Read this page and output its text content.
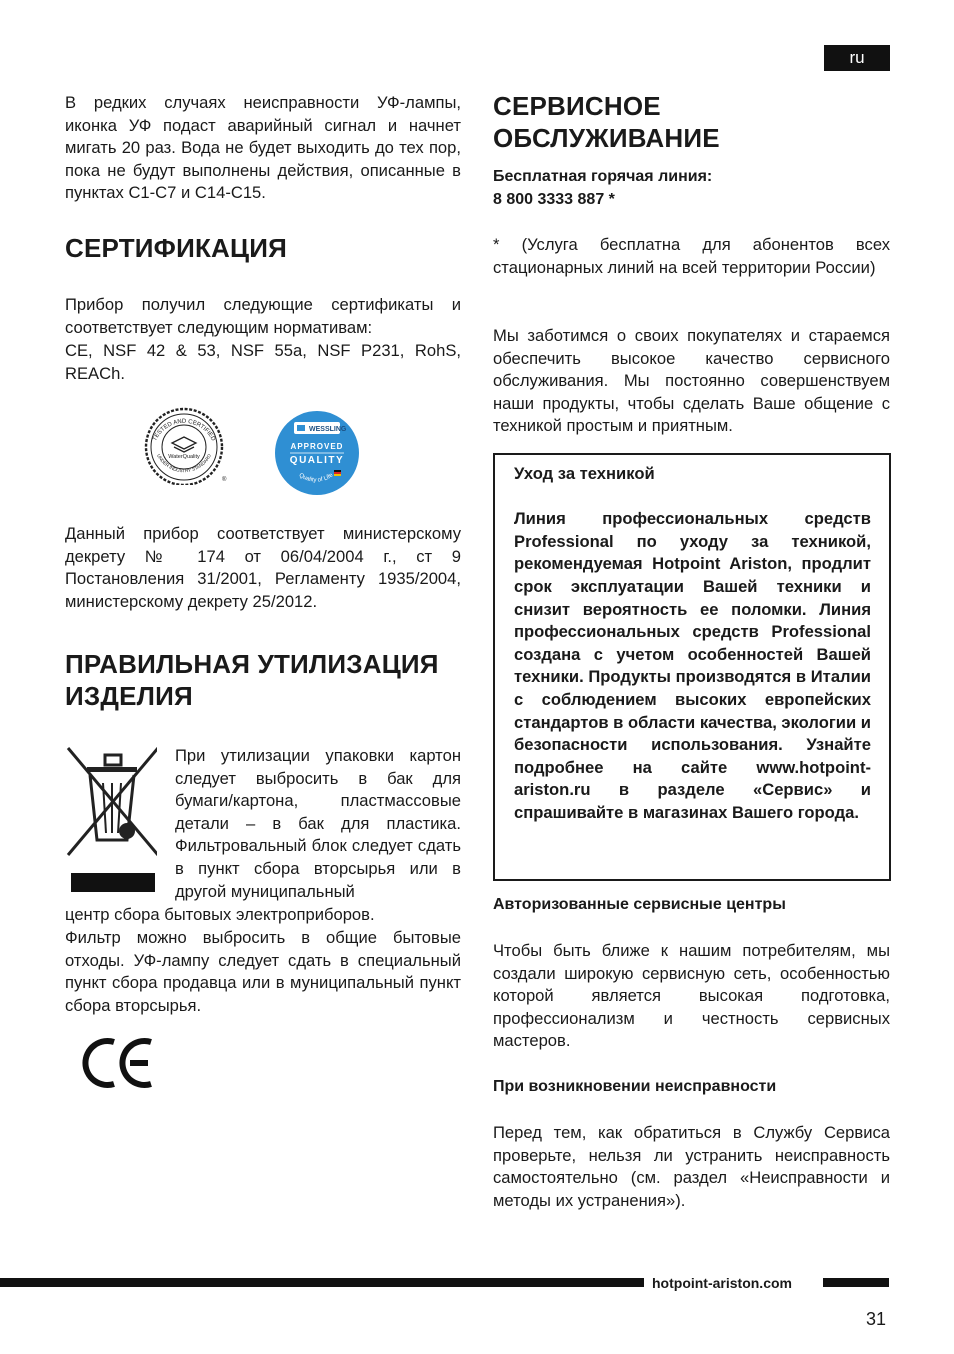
ru

В редких случаях неисправности УФ-лампы, иконка УФ подаст аварийный сигнал и начнет мигать 20 раз. Вода не будет выходить до тех пор, пока не будут выполнены действия, описанные в пунктах С1-С7 и С14-С15.

СЕРТИФИКАЦИЯ

Прибор получил следующие сертификаты и соответствует следующим нормативам:

CE, NSF 42 & 53, NSF 55a, NSF P231, RohS, REACh.

TESTED AND CERTIFIED
UNDER INDUSTRY STANDARD
WaterQuality
®
WESSLING
APPROVED
QUALITY
Quality of Life

Данный прибор соответствует министерскому декрету № 174 от 06/04/2004 г., ст 9 Постановления 31/2001, Регламенту 1935/2004, министерскому декрету 25/2012.

ПРАВИЛЬНАЯ УТИЛИЗАЦИЯ ИЗДЕЛИЯ

При утилизации упаковки картон следует выбросить в бак для бумаги/картона, пластмассовые детали – в бак для пластика. Фильтровальный блок следует сдать в пункт сбора вторсырья или в другой муниципальный

центр сбора бытовых электроприборов.

Фильтр можно выбросить в общие бытовые отходы. УФ-лампу следует сдать в специальный пункт сбора продавца или в муниципальный пункт сбора вторсырья.

СЕРВИСНОЕ ОБСЛУЖИВАНИЕ

Бесплатная горячая линия:

8 800 3333 887 *

* (Услуга бесплатна для абонентов всех стационарных линий на всей территории России)

Мы заботимся о своих покупателях и стараемся обеспечить высокое качество сервисного обслуживания. Мы постоянно совершенствуем наши продукты, чтобы сделать Ваше общение с техникой простым и приятным.

Уход за техникой

Линия профессиональных средств Professional по уходу за техникой, рекомендуемая Hotpoint Ariston, продлит срок эксплуатации Вашей техники и снизит вероятность ее поломки. Линия профессиональных средств Professional создана с учетом особенностей Вашей техники. Продукты производятся в Италии с соблюдением высоких европейских стандартов в области качества, экологии и безопасности использования. Узнайте подробнее на сайте www.hotpoint-ariston.ru в разделе «Сервис» и спрашивайте в магазинах Вашего города.

Авторизованные сервисные центры

Чтобы быть ближе к нашим потребителям, мы создали широкую сервисную сеть, особенностью которой является высокая подготовка, профессионализм и честность сервисных мастеров.

При возникновении неисправности

Перед тем, как обратиться в Службу Сервиса проверьте, нельзя ли устранить неисправность самостоятельно (см. раздел «Неисправности и методы их устранения»).

hotpoint-ariston.com
31
